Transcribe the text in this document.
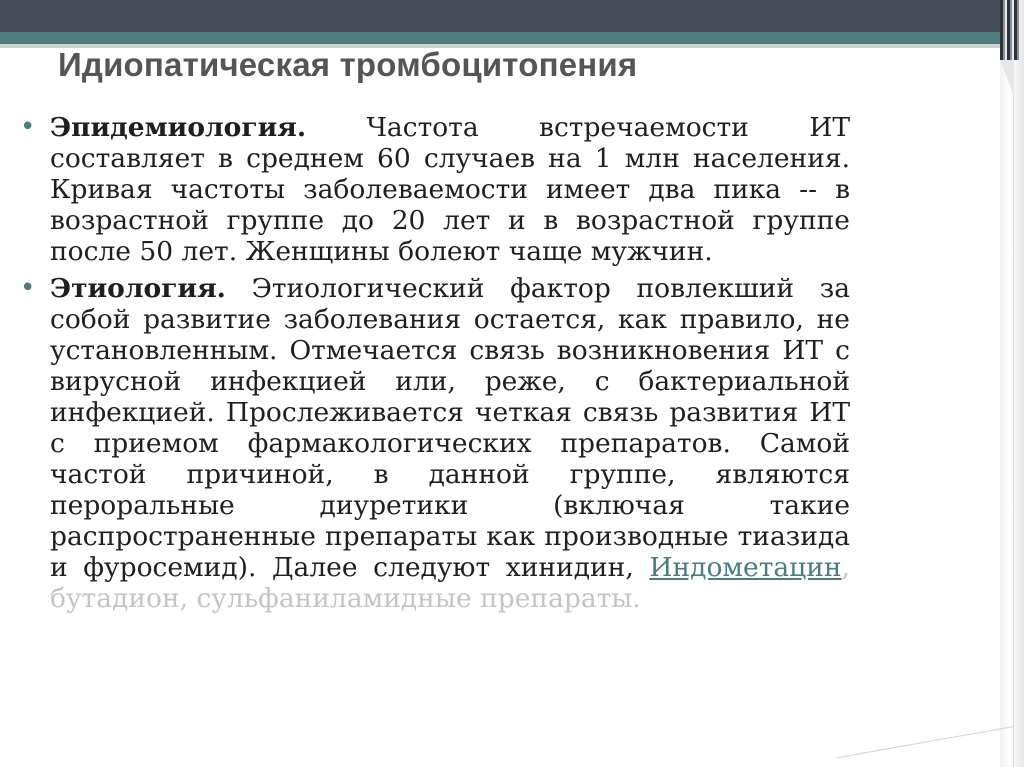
Идиопатическая тромбоцитопения
• Эпидемиология. Частота встречаемости ИТ составляет в среднем 60 случаев на 1 млн населения. Кривая частоты заболеваемости имеет два пика -- в возрастной группе до 20 лет и в возрастной группе после 50 лет. Женщины болеют чаще мужчин.
• Этиология. Этиологический фактор повлекший за собой развитие заболевания остается, как правило, не установленным. Отмечается связь возникновения ИТ с вирусной инфекцией или, реже, с бактериальной инфекцией. Прослеживается четкая связь развития ИТ с приемом фармакологических препаратов. Самой частой причиной, в данной группе, являются пероральные диуретики (включая такие распространенные препараты как производные тиазида и фуросемид). Далее следуют хинидин, Индометацин, бутадион, сульфаниламидные препараты.
